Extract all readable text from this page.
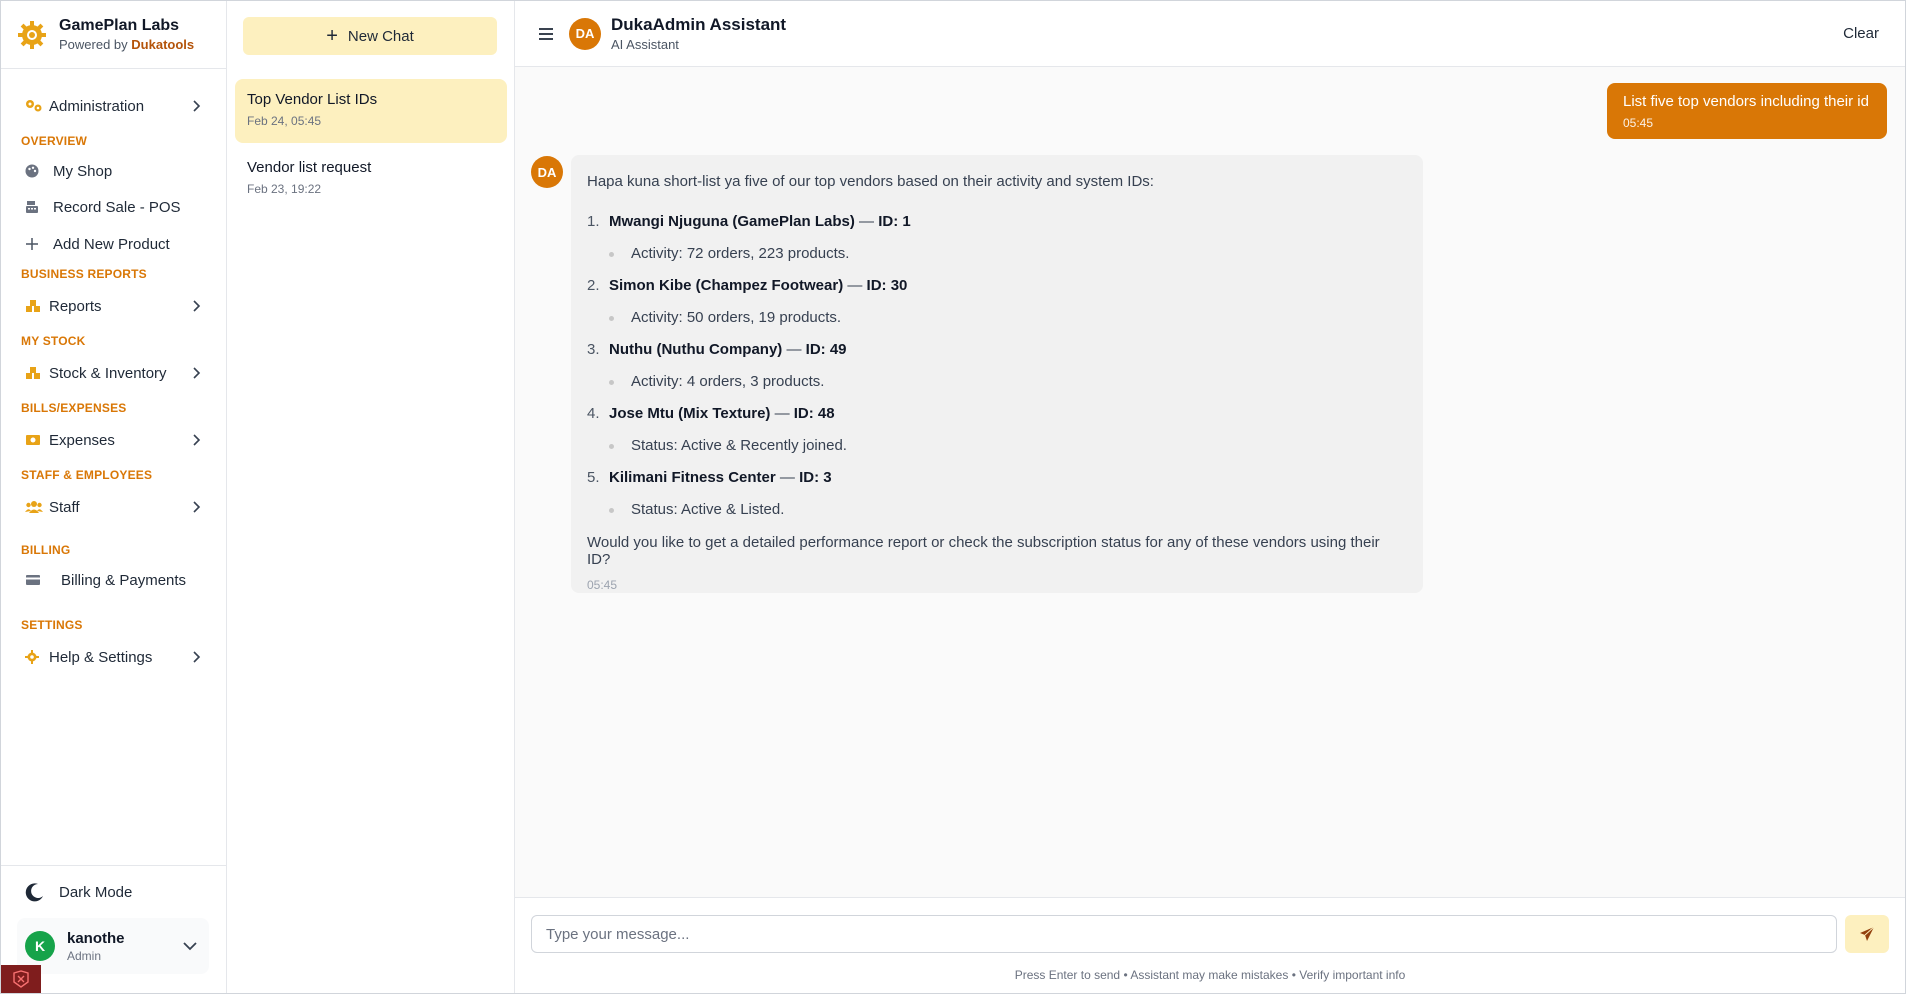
GamePlan Labs
Powered by Dukatools
Administration
OVERVIEW
My Shop
Record Sale - POS
Add New Product
BUSINESS REPORTS
Reports
MY STOCK
Stock & Inventory
BILLS/EXPENSES
Expenses
STAFF & EMPLOYEES
Staff
BILLING
Billing & Payments
SETTINGS
Help & Settings
Dark Mode
K	kanothe
Admin
+ New Chat
Top Vendor List IDs
Feb 24, 05:45
Vendor list request
Feb 23, 19:22
DA DukaAdmin Assistant
AI Assistant
Clear
List five top vendors including their id
05:45
DA
Hapa kuna short-list ya five of our top vendors based on their activity and system IDs:
1. Mwangi Njuguna (GamePlan Labs) — ID: 1
Activity: 72 orders, 223 products.
2. Simon Kibe (Champez Footwear) — ID: 30
Activity: 50 orders, 19 products.
3. Nuthu (Nuthu Company) — ID: 49
Activity: 4 orders, 3 products.
4. Jose Mtu (Mix Texture) — ID: 48
Status: Active & Recently joined.
5. Kilimani Fitness Center — ID: 3
Status: Active & Listed.
Would you like to get a detailed performance report or check the subscription status for any of these vendors using their ID?
05:45
Type your message...
Press Enter to send • Assistant may make mistakes • Verify important info
